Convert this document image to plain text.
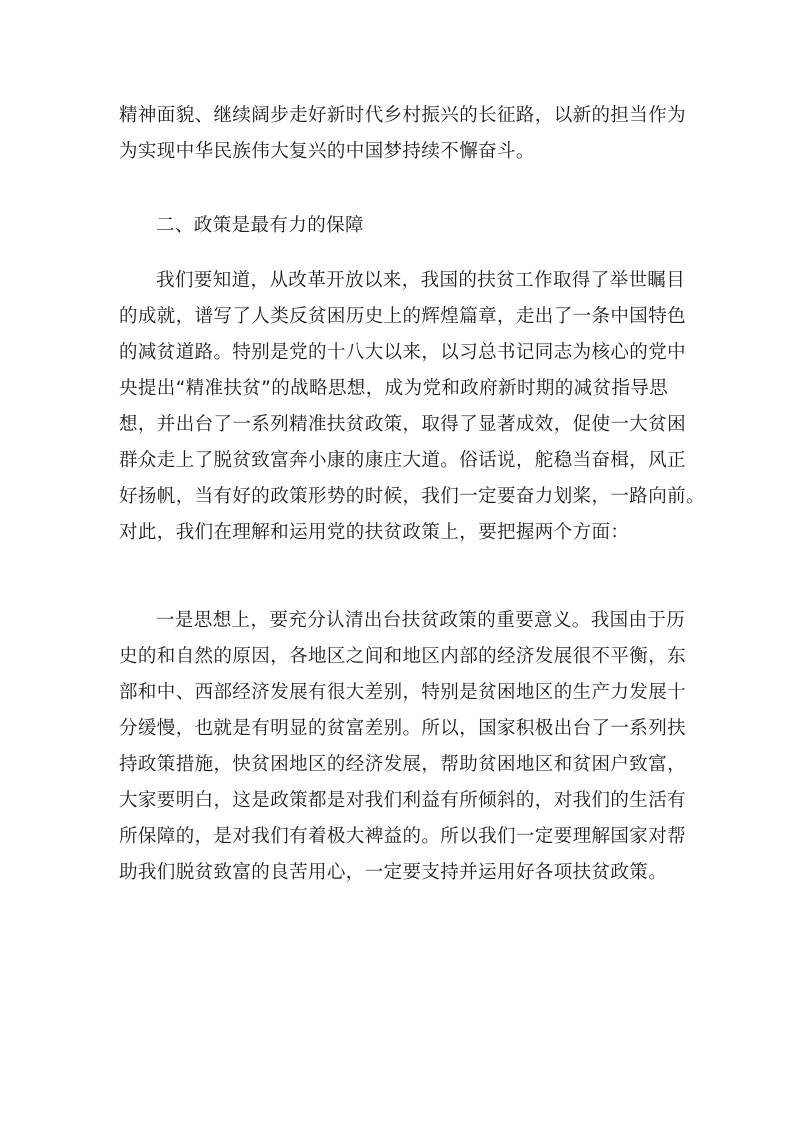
精神面貌、继续阔步走好新时代乡村振兴的长征路，以新的担当作为
为实现中华民族伟大复兴的中国梦持续不懈奋斗。
二、政策是最有力的保障
我们要知道，从改革开放以来，我国的扶贫工作取得了举世瞩目
的成就，谱写了人类反贫困历史上的辉煌篇章，走出了一条中国特色
的减贫道路。特别是党的十八大以来，以习总书记同志为核心的党中
央提出“精准扶贫”的战略思想，成为党和政府新时期的减贫指导思
想，并出台了一系列精准扶贫政策，取得了显著成效，促使一大贫困
群众走上了脱贫致富奔小康的康庄大道。俗话说，舵稳当奋楫，风正
好扬帆，当有好的政策形势的时候，我们一定要奋力划桨，一路向前。
对此，我们在理解和运用党的扶贫政策上，要把握两个方面：
一是思想上，要充分认清出台扶贫政策的重要意义。我国由于历
史的和自然的原因，各地区之间和地区内部的经济发展很不平衡，东
部和中、西部经济发展有很大差别，特别是贫困地区的生产力发展十
分缓慢，也就是有明显的贫富差别。所以，国家积极出台了一系列扶
持政策措施，快贫困地区的经济发展，帮助贫困地区和贫困户致富，
大家要明白，这是政策都是对我们利益有所倾斜的，对我们的生活有
所保障的，是对我们有着极大裨益的。所以我们一定要理解国家对帮
助我们脱贫致富的良苦用心，一定要支持并运用好各项扶贫政策。
